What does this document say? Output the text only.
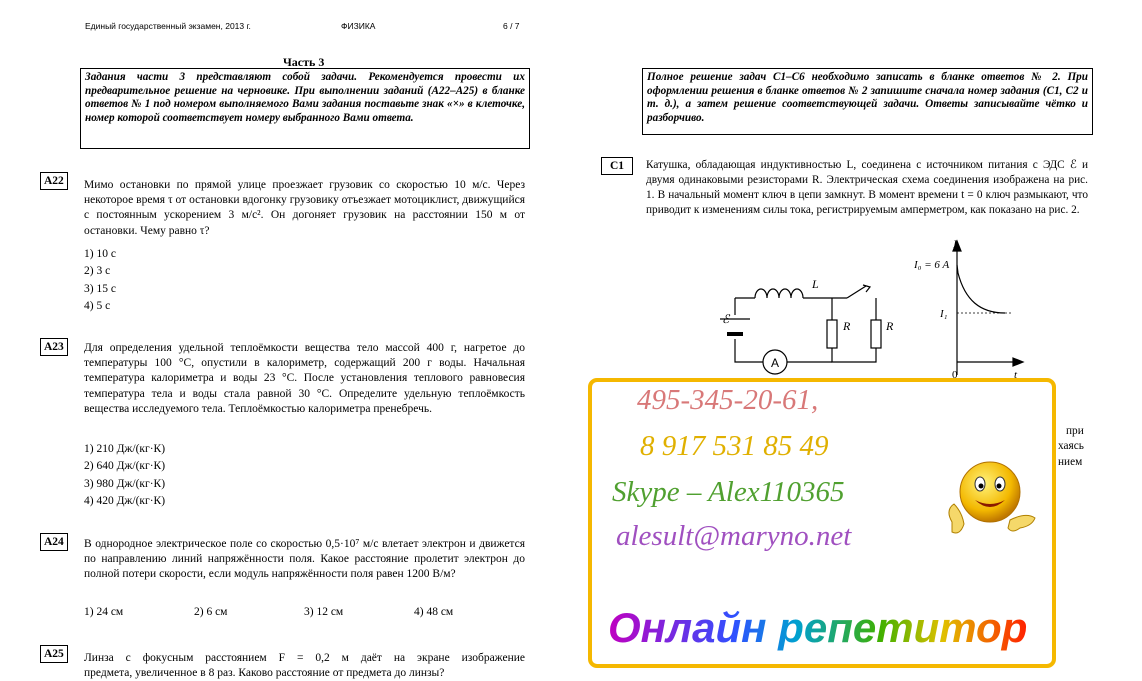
Единый государственный экзамен, 2013 г.	ФИЗИКА	6 / 7
Часть 3
Задания части 3 представляют собой задачи. Рекомендуется провести их предварительное решение на черновике. При выполнении заданий (А22–А25) в бланке ответов № 1 под номером выполняемого Вами задания поставьте знак «×» в клеточке, номер которой соответствует номеру выбранного Вами ответа.
А22	Мимо остановки по прямой улице проезжает грузовик со скоростью 10 м/с. Через некоторое время τ от остановки вдогонку грузовику отъезжает мотоциклист, движущийся с постоянным ускорением 3 м/с². Он догоняет грузовик на расстоянии 150 м от остановки. Чему равно τ?
1) 10 с
2) 3 с
3) 15 с
4) 5 с
А23	Для определения удельной теплоёмкости вещества тело массой 400 г, нагретое до температуры 100 °С, опустили в калориметр, содержащий 200 г воды. Начальная температура калориметра и воды 23 °С. После установления теплового равновесия температура тела и воды стала равной 30 °С. Определите удельную теплоёмкость вещества исследуемого тела. Теплоёмкостью калориметра пренебречь.
1) 210 Дж/(кг·К)
2) 640 Дж/(кг·К)
3) 980 Дж/(кг·К)
4) 420 Дж/(кг·К)
А24	В однородное электрическое поле со скоростью 0,5·10⁷ м/с влетает электрон и движется по направлению линий напряжённости поля. Какое расстояние пролетит электрон до полной потери скорости, если модуль напряжённости поля равен 1200 В/м?
1) 24 см	2) 6 см	3) 12 см	4) 48 см
А25	Линза с фокусным расстоянием F = 0,2 м даёт на экране изображение
предмета, увеличенное в 8 раз. Каково расстояние от предмета до линзы?
Полное решение задач С1–С6 необходимо записать в бланке ответов № 2. При оформлении решения в бланке ответов № 2 запишите сначала номер задания (С1, С2 и т. д.), а затем решение соответствующей задачи. Ответы записывайте чётко и разборчиво.
С1	Катушка, обладающая индуктивностью L, соединена с источником питания с ЭДС ℰ и двумя одинаковыми резисторами R. Электрическая схема соединения изображена на рис. 1. В начальный момент ключ в цепи замкнут. В момент времени t = 0 ключ размыкают, что приводит к изменениям силы тока, регистрируемым амперметром, как показано на рис. 2.
ℰ
L
R	R
A
I
I₀ = 6 A
I₁
0	t
при
хаясь
нием
495-345-20-61,
8 917 531 85 49
Skype – Alex110365
alesult@maryno.net
Онлайн репетитор
